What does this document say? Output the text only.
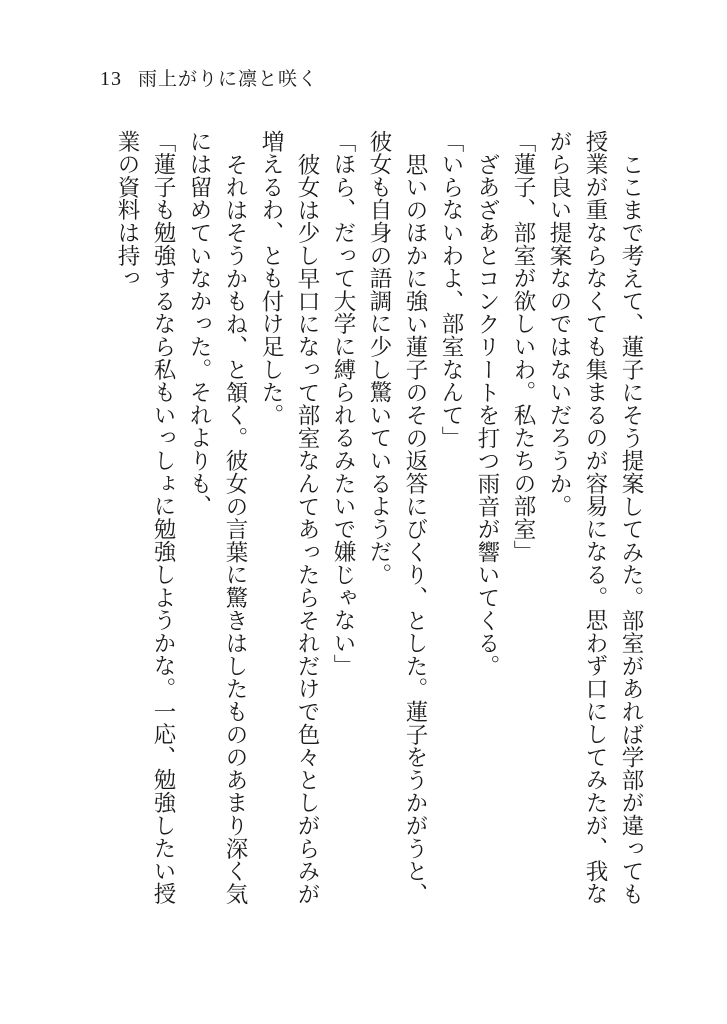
13 雨上がりに凛と咲く

ここまで考えて、蓮子にそう提案してみた。部室があれば学部が違っても授業が重ならなくても集まるのが容易になる。思わず口にしてみたが、我ながら良い提案なのではないだろうか。

「蓮子、部室が欲しいわ。私たちの部室」

ざあざあとコンクリートを打つ雨音が響いてくる。

「いらないわよ、部室なんて」

思いのほかに強い蓮子のその返答にびくり、とした。蓮子をうかがうと、彼女も自身の語調に少し驚いているようだ。

「ほら、だって大学に縛られるみたいで嫌じゃない」

彼女は少し早口になって部室なんてあったらそれだけで色々としがらみが増えるわ、とも付け足した。

それはそうかもね、と頷く。彼女の言葉に驚きはしたもののあまり深く気には留めていなかった。それよりも、

「蓮子も勉強するなら私もいっしょに勉強しようかな。一応、勉強したい授業の資料は持っ
